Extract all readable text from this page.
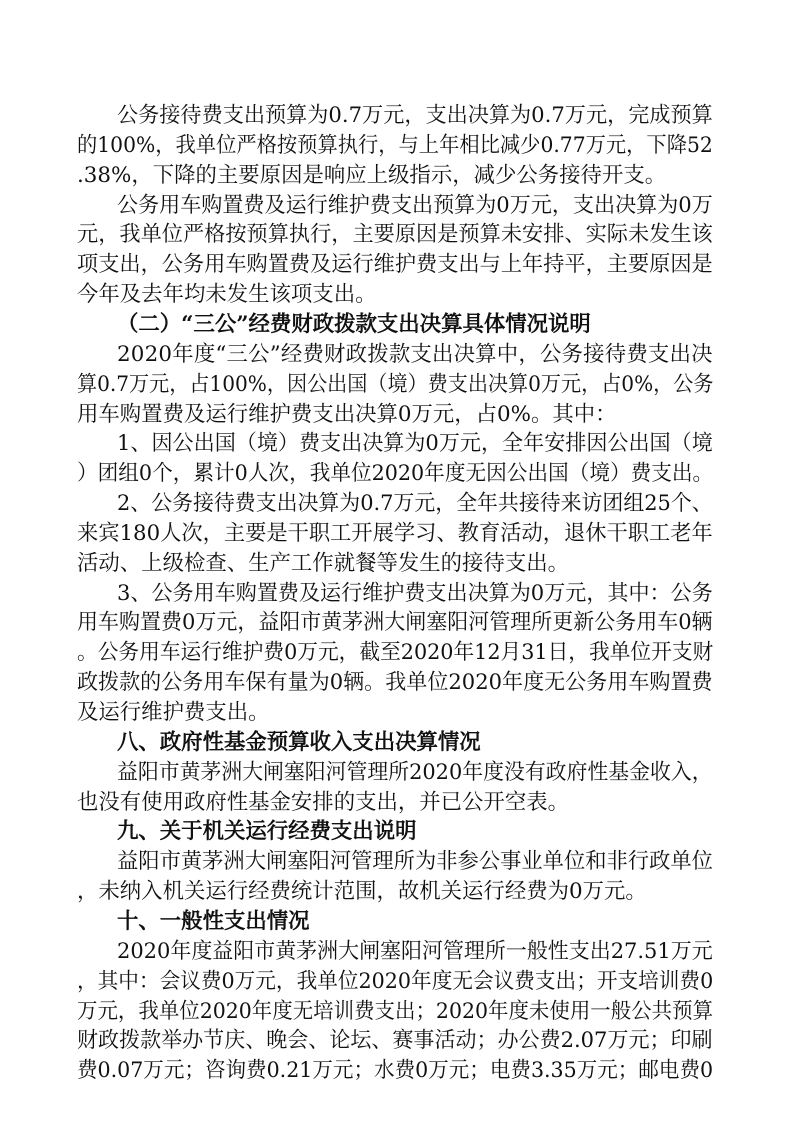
公务接待费支出预算为0.7万元，支出决算为0.7万元，完成预算
的100%，我单位严格按预算执行，与上年相比减少0.77万元，下降52
.38%，下降的主要原因是响应上级指示，减少公务接待开支。
公务用车购置费及运行维护费支出预算为0万元，支出决算为0万
元，我单位严格按预算执行，主要原因是预算未安排、实际未发生该
项支出，公务用车购置费及运行维护费支出与上年持平，主要原因是
今年及去年均未发生该项支出。
（二）“三公”经费财政拨款支出决算具体情况说明
2020年度“三公”经费财政拨款支出决算中，公务接待费支出决
算0.7万元，占100%，因公出国（境）费支出决算0万元，占0%，公务
用车购置费及运行维护费支出决算0万元，占0%。其中：
1、因公出国（境）费支出决算为0万元，全年安排因公出国（境
）团组0个，累计0人次，我单位2020年度无因公出国（境）费支出。
2、公务接待费支出决算为0.7万元，全年共接待来访团组25个、
来宾180人次，主要是干职工开展学习、教育活动，退休干职工老年
活动、上级检查、生产工作就餐等发生的接待支出。
3、公务用车购置费及运行维护费支出决算为0万元，其中：公务
用车购置费0万元，益阳市黄茅洲大闸塞阳河管理所更新公务用车0辆
。公务用车运行维护费0万元，截至2020年12月31日，我单位开支财
政拨款的公务用车保有量为0辆。我单位2020年度无公务用车购置费
及运行维护费支出。
八、政府性基金预算收入支出决算情况
益阳市黄茅洲大闸塞阳河管理所2020年度没有政府性基金收入，
也没有使用政府性基金安排的支出，并已公开空表。
九、关于机关运行经费支出说明
益阳市黄茅洲大闸塞阳河管理所为非参公事业单位和非行政单位
，未纳入机关运行经费统计范围，故机关运行经费为0万元。
十、一般性支出情况
2020年度益阳市黄茅洲大闸塞阳河管理所一般性支出27.51万元
，其中：会议费0万元，我单位2020年度无会议费支出；开支培训费0
万元，我单位2020年度无培训费支出；2020年度未使用一般公共预算
财政拨款举办节庆、晚会、论坛、赛事活动；办公费2.07万元；印刷
费0.07万元；咨询费0.21万元；水费0万元；电费3.35万元；邮电费0
